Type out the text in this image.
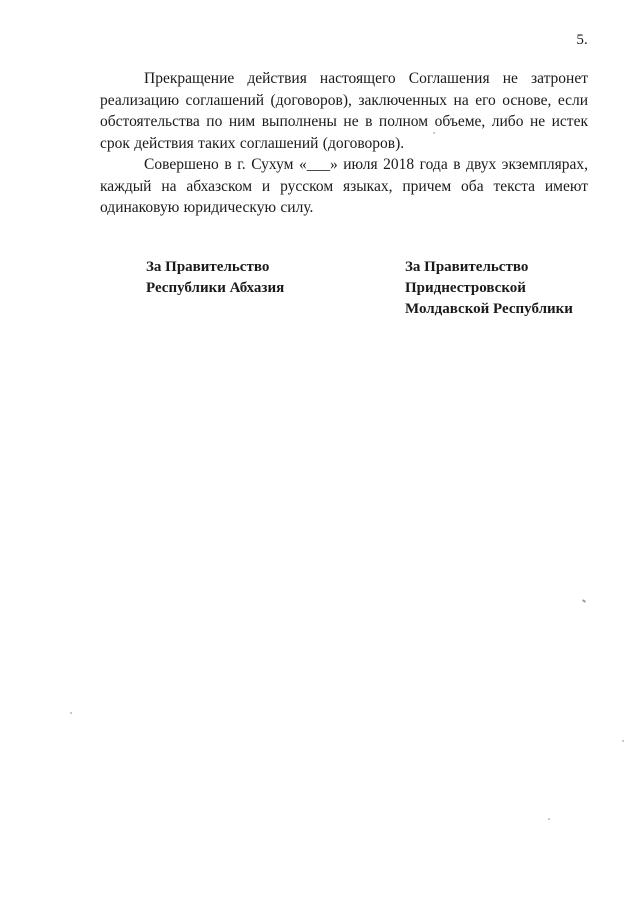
5.

Прекращение действия настоящего Соглашения не затронет реализацию соглашений (договоров), заключенных на его основе, если обстоятельства по ним выполнены не в полном объеме, либо не истек срок действия таких соглашений (договоров).

Совершено в г. Сухум «___» июля 2018 года в двух экземплярах, каждый на абхазском и русском языках, причем оба текста имеют одинаковую юридическую силу.

За Правительство
Республики Абхазия
За Правительство
Приднестровской
Молдавской Республики
